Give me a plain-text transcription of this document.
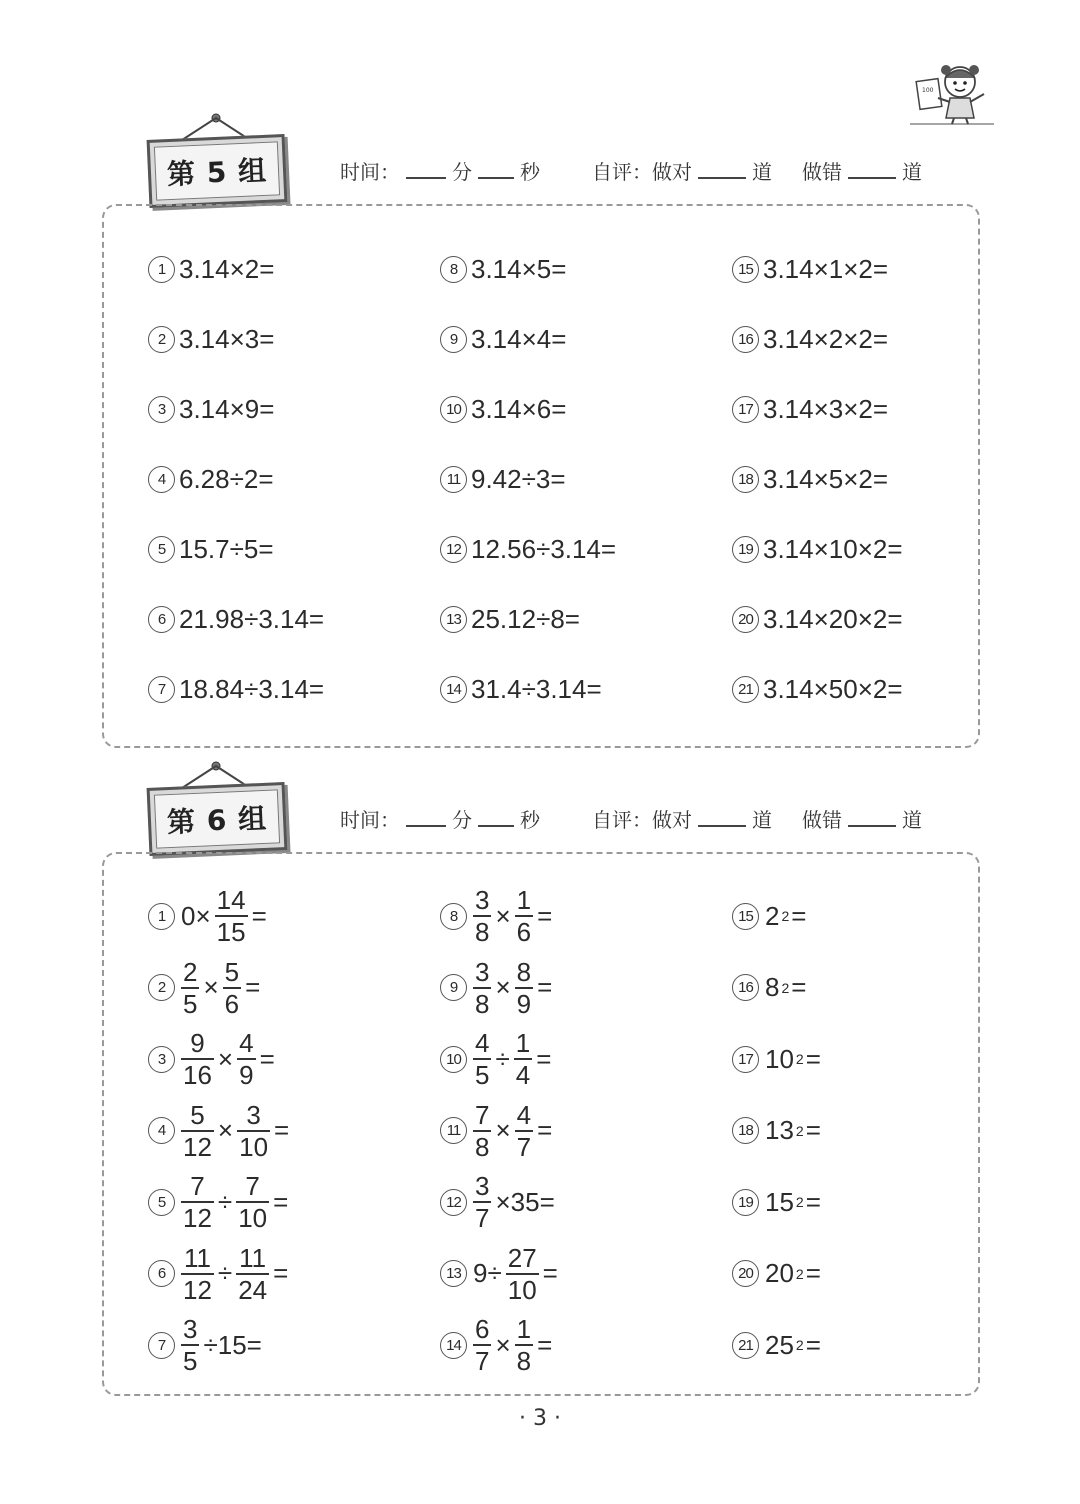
100
第 5 组	时间：	分 秒	自评：做对	道 做错	道
1 3.14×2=
2 3.14×3=
3 3.14×9=
4 6.28÷2=
5 15.7÷5=
6 21.98÷3.14=
7 18.84÷3.14=
8 3.14×5=
9 3.14×4=
10 3.14×6=
11 9.42÷3=
12 12.56÷3.14=
13 25.12÷8=
14 31.4÷3.14=
15 3.14×1×2=
16 3.14×2×2=
17 3.14×3×2=
18 3.14×5×2=
19 3.14×10×2=
20 3.14×20×2=
21 3.14×50×2=
第 6 组	时间：	分 秒	自评：做对	道 做错	道
1 $0\times \frac{14}{15}$ =
$2 \frac{2}{5} \times \frac{5}{6}$ =
$3 \frac{9}{16} \times \frac{4}{9}$ =
$4 \frac{5}{12} \times \frac{3}{10}$ =
$5 \frac{7}{12} \div \frac{7}{10}$ =
$6 \frac{11}{12} \div \frac{11}{24}$ =
$7 \frac{3}{5} \div 15=$
$8 \frac{3}{8} \times \frac{1}{6}$ =
$9 \frac{3}{8} \times \frac{8}{9}$ =
$10 \frac{4}{5} \div \frac{1}{4}$ =
$11 \frac{7}{8} \times \frac{4}{7}$ =
$12 \frac{3}{7} \times 35=$
13 $9\div \frac{27}{10}$ =
$14 \frac{6}{7} \times \frac{1}{8}$ =
15 2 2 =
16 8 2 =
17 10 2 =
18 13 2 =
19 15 2 =
20 20 2 =
21 25 2 =
· 3 ·
